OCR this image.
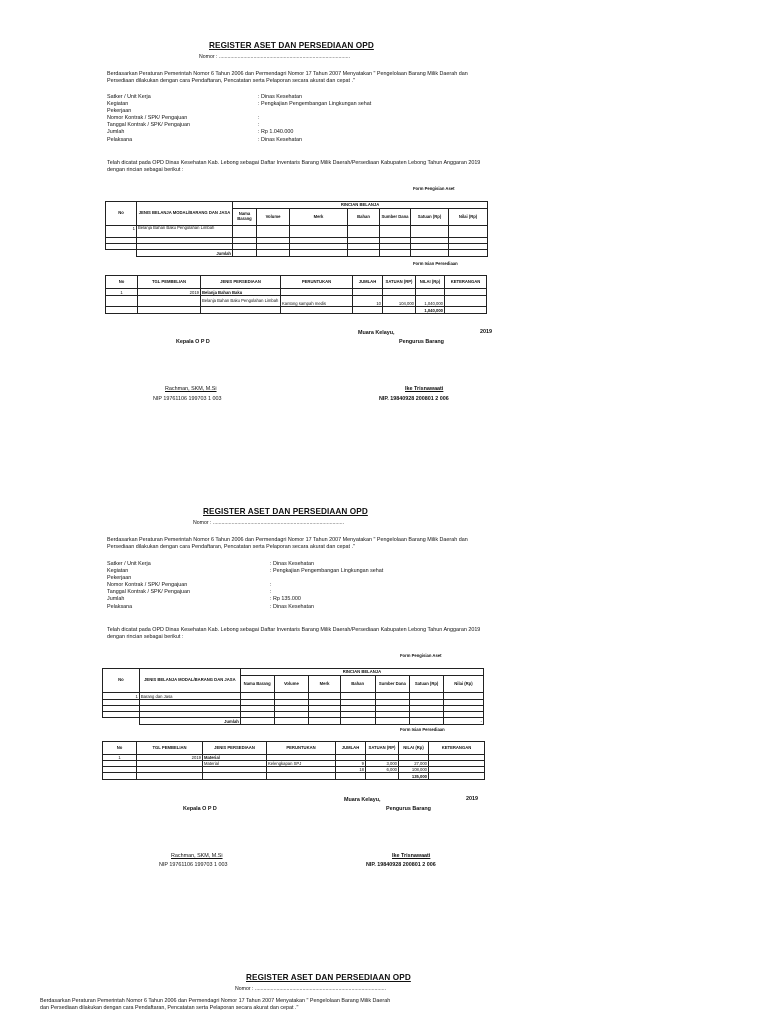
REGISTER ASET DAN PERSEDIAAN OPD
Nomor : ...........................................................................................
Berdasarkan Peraturan Pemerintah Nomor 6 Tahun 2006 dan Permendagri Nomor 17 Tahun 2007 Menyatakan " Pengelolaan Barang Milik Daerah dan Persediaan dilakukan dengan cara Pendaftaran, Pencatatan serta Pelaporan secara akurat dan cepat ."
Satker / Unit Kerja	: Dinas Kesehatan
Kegiatan	: Pengkajian Pengembangan Lingkungan sehat
Pekerjaan
Nomor Kontrak / SPK/ Pengajuan	:
Tanggal Kontrak / SPK/ Pengajuan	:
Jumlah	: Rp 1.040.000
Pelaksana	: Dinas Kesehatan
Telah dicatat pada OPD Dinas Kesehatan Kab. Lebong sebagai Daftar Inventaris Barang Milik Daerah/Persediaan Kabupaten Lebong Tahun Anggaran 2019 dengan rincian sebagai berikut :
Form Pengisian Aset
No	JENIS BELANJA MODAL/BARANG DAN JASA	RINCIAN BELANJA						
		Nama Barang	Volume	Merk	Bahan	Sumber Dana	Satuan (Rp)	Nilai (Rp)
1	Belanja Bahan Baku Pengolahan Limbah							

	Jumlah							
Form Isian Persediaan
No	TGL PEMBELIAN	JENIS PERSEDIAAN	PERUNTUKAN	JUMLAH	SATUAN (RP)	NILAI (Rp)	KETERANGAN
1	2019	Belanja Bahan Baku					
		Belanja Bahan Baku Pengolahan Limbah	Kantong sampah medis	10	104,000	1,040,000	
						1,040,000	
Muara Kelayu,	2019
Kepala O P D	Pengurus Barang
Rachman, SKM, M.Si
NIP 19761106 199703 1 003
Ike Trisnawaati
NIP. 19840928 200801 2 006
REGISTER ASET DAN PERSEDIAAN OPD
Nomor : ...........................................................................................
Berdasarkan Peraturan Pemerintah Nomor 6 Tahun 2006 dan Permendagri Nomor 17 Tahun 2007 Menyatakan " Pengelolaan Barang Milik Daerah dan Persediaan dilakukan dengan cara Pendaftaran, Pencatatan serta Pelaporan secara akurat dan cepat ."
Satker / Unit Kerja	: Dinas Kesehatan
Kegiatan	: Pengkajian Pengembangan Lingkungan sehat
Pekerjaan
Nomor Kontrak / SPK/ Pengajuan	:
Tanggal Kontrak / SPK/ Pengajuan	:
Jumlah	: Rp 135.000
Pelaksana	: Dinas Kesehatan
Telah dicatat pada OPD Dinas Kesehatan Kab. Lebong sebagai Daftar Inventaris Barang Milik Daerah/Persediaan Kabupaten Lebong Tahun Anggaran 2019 dengan rincian sebagai berikut :
Form Pengisian Aset
No	JENIS BELANJA MODAL/BARANG DAN JASA	RINCIAN BELANJA						
		Nama Barang	Volume	Merk	Bahan	Sumber Dana	Satuan (Rp)	Nilai (Rp)
1	Barang dan Jasa							

	Jumlah							-
Form Isian Persediaan
No	TGL PEMBELIAN	JENIS PERSEDIAAN	PERUNTUKAN	JUMLAH	SATUAN (RP)	NILAI (Rp)	KETERANGAN
1	2019	Material					
		Material	Kelengkapan SPJ	9	3,000	27,000	
				18	6,000	108,000	
						135,000	
Muara Kelayu,	2019
Kepala O P D	Pengurus Barang
Rachman, SKM, M.Si
NIP 19761106 199703 1 003
Ike Trisnawaati
NIP. 19840928 200801 2 006
REGISTER ASET DAN PERSEDIAAN OPD
Nomor : ...........................................................................................
Berdasarkan Peraturan Pemerintah Nomor 6 Tahun 2006 dan Permendagri Nomor 17 Tahun 2007 Menyatakan " Pengelolaan Barang Milik Daerah dan Persediaan dilakukan dengan cara Pendaftaran, Pencatatan serta Pelaporan secara akurat dan cepat ."
